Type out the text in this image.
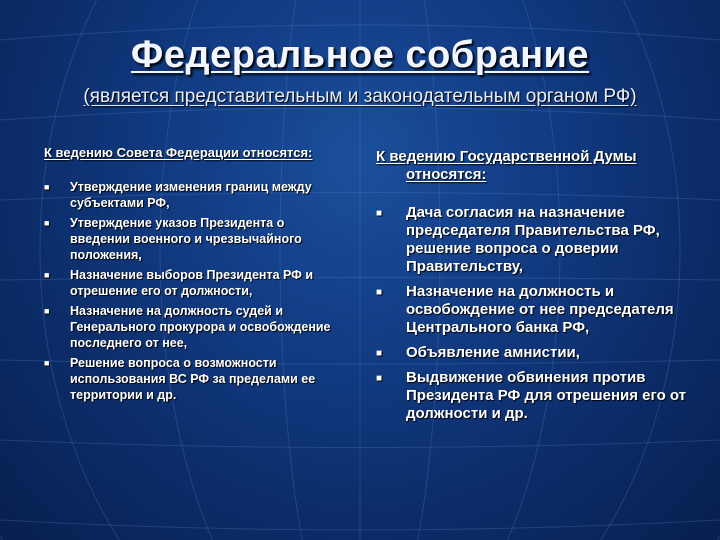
Федеральное собрание
(является представительным и законодательным органом РФ)
К ведению Совета Федерации относятся:
■ Утверждение изменения границ между субъектами РФ,
■ Утверждение указов Президента о введении военного и чрезвычайного положения,
■ Назначение выборов Президента РФ и отрешение его от должности,
■ Назначение на должность судей и Генерального прокурора и освобождение последнего от нее,
■ Решение вопроса о возможности использования ВС РФ за пределами ее территории и др.
К ведению Государственной Думы
относятся:
■ Дача согласия на назначение председателя Правительства РФ, решение вопроса о доверии Правительству,
■ Назначение на должность и освобождение от нее председателя Центрального банка РФ,
■ Объявление амнистии,
■ Выдвижение обвинения против Президента РФ для отрешения его от должности и др.
